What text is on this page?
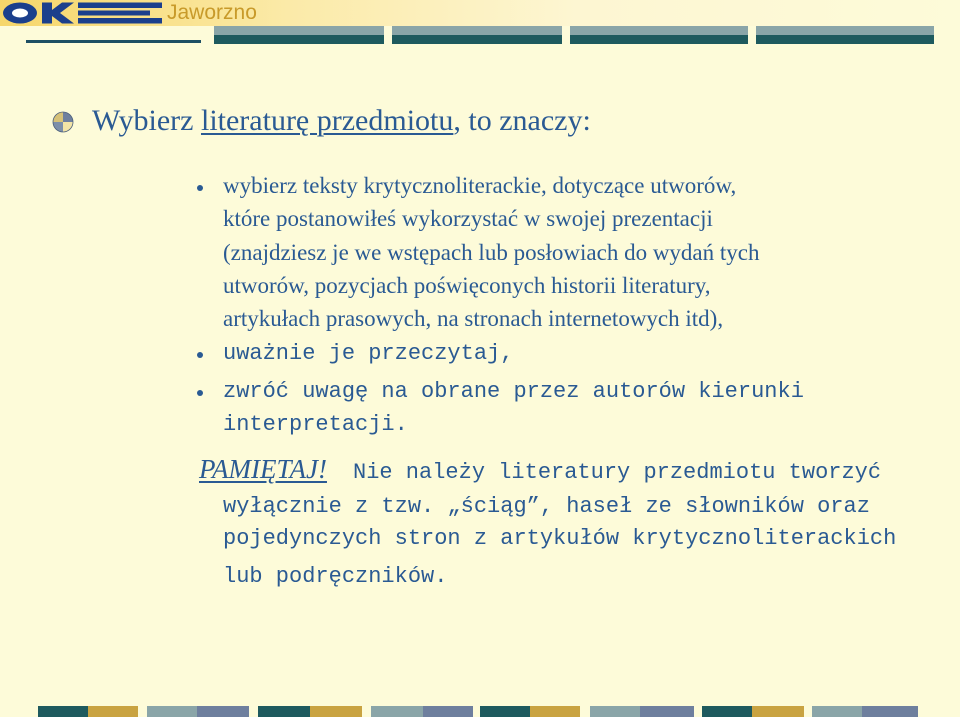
Jaworzno
Wybierz literaturę przedmiotu, to znaczy:

wybierz teksty krytycznoliterackie, dotyczące utworów,

które postanowiłeś wykorzystać w swojej prezentacji

(znajdziesz je we wstępach lub posłowiach do wydań tych

utworów, pozycjach poświęconych historii literatury,

artykułach prasowych, na stronach internetowych itd),

uważnie je przeczytaj,

zwróć uwagę na obrane przez autorów kierunki

interpretacji.

PAMIĘTAJ! Nie należy literatury przedmiotu tworzyć

wyłącznie z tzw. „ściąg”, haseł ze słowników oraz

pojedynczych stron z artykułów krytycznoliterackich

lub podręczników.
